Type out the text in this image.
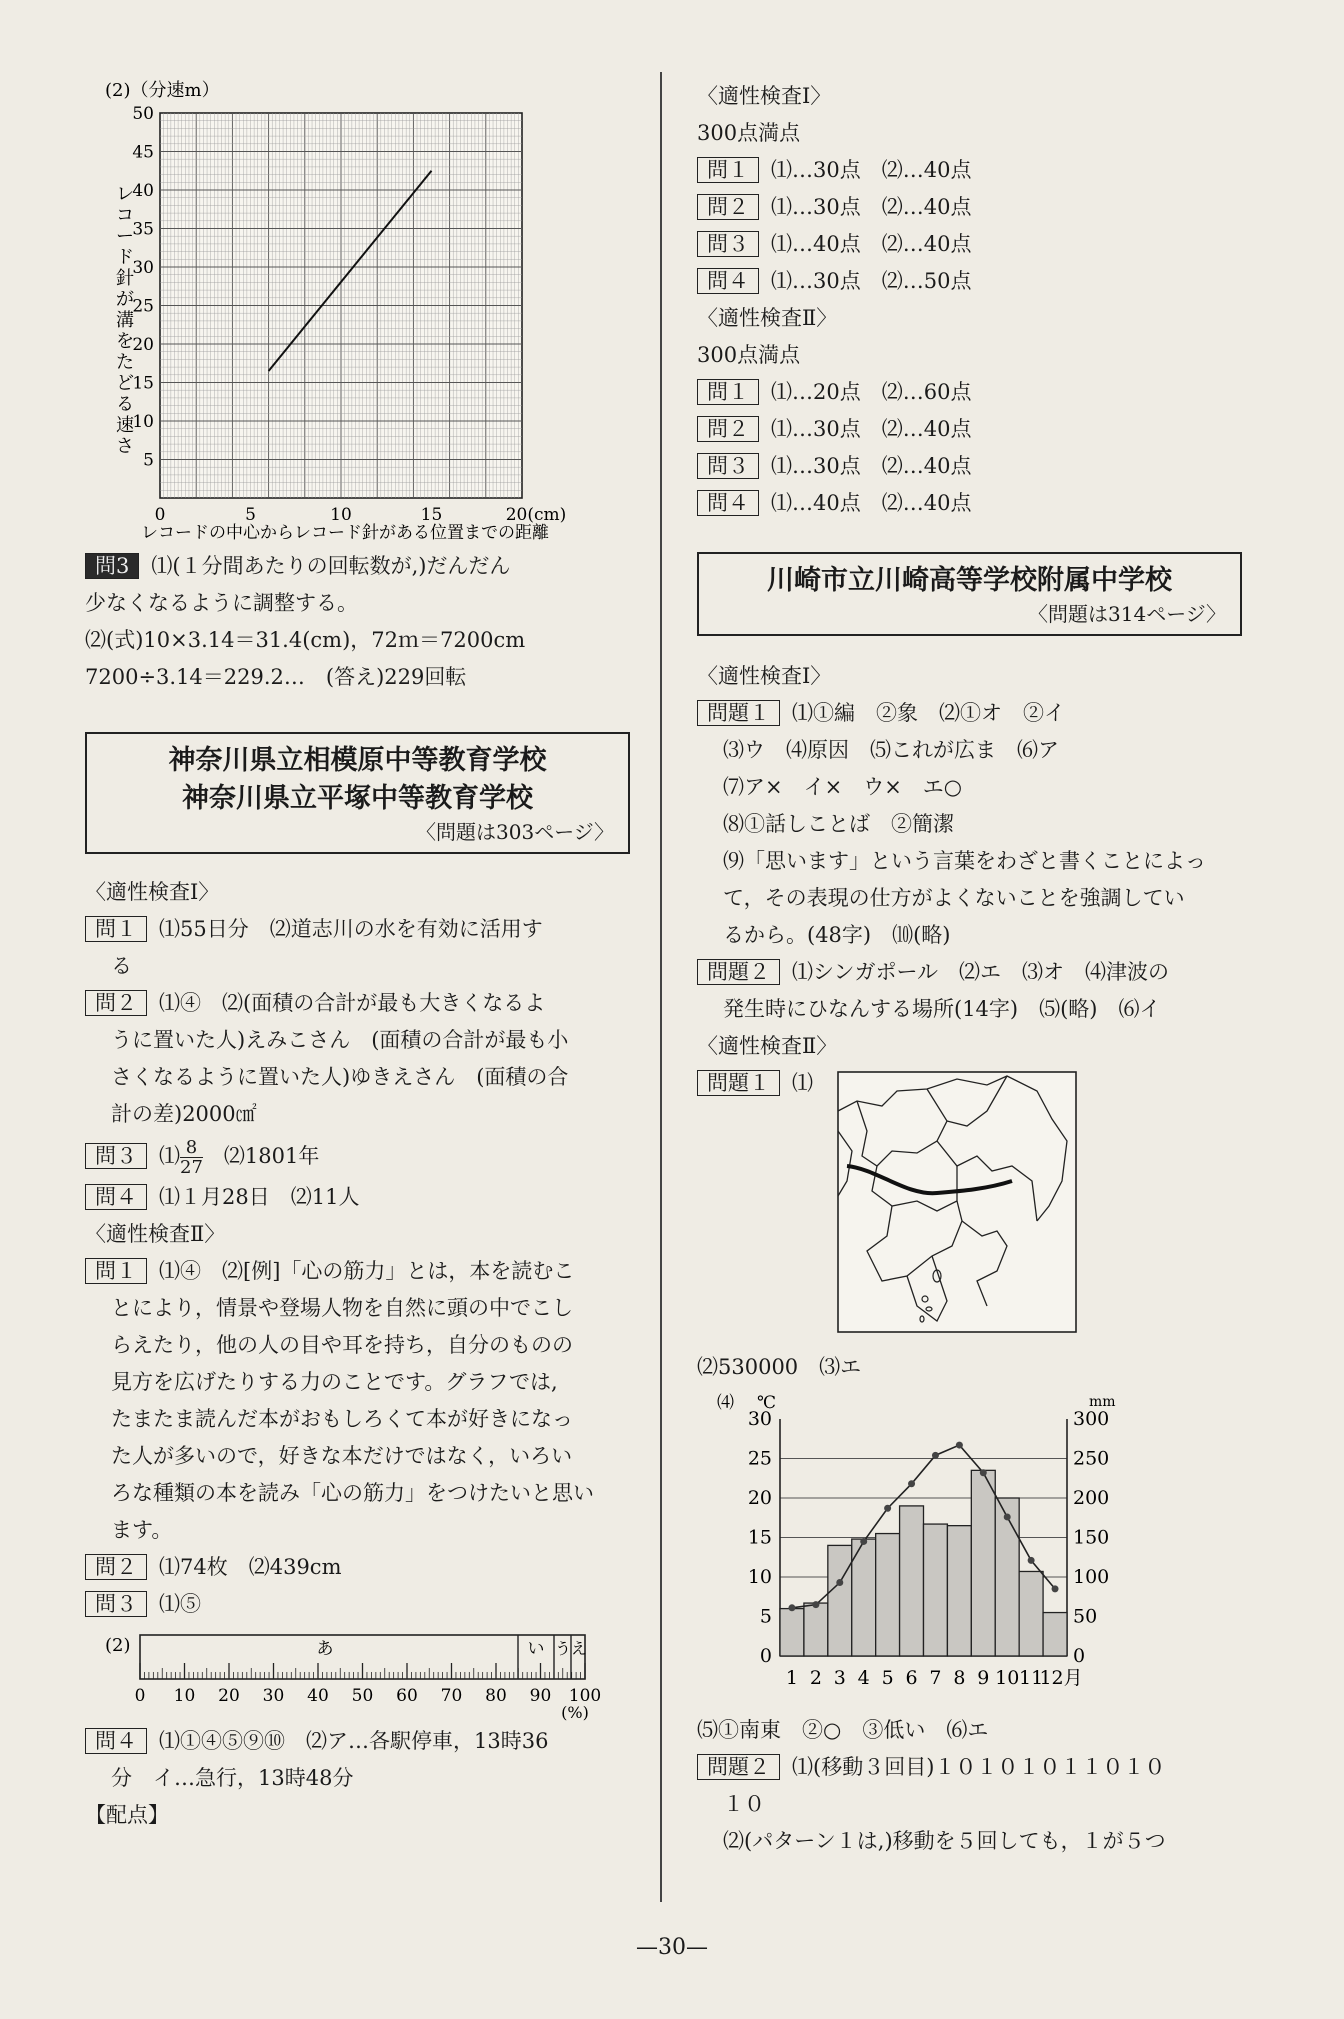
(2)（分速m）
50
45
40
35
30
25
20
15
10
5
0	5	10	15	20(cm)
レ
コ
ー
ド
針
が
溝
を
た
ど
る
速
さ
レコードの中心からレコード針がある位置までの距離
問3 ⑴(１分間あたりの回転数が,)だんだん
少なくなるように調整する。
⑵(式)10×3.14＝31.4(cm)，72ｍ＝7200cm
7200÷3.14＝229.2…　(答え)229回転
神奈川県立相模原中等教育学校
神奈川県立平塚中等教育学校
〈問題は303ページ〉
〈適性検査Ⅰ〉
問１ ⑴55日分　⑵道志川の水を有効に活用す
る
問２ ⑴④　⑵(面積の合計が最も大きくなるよ
うに置いた人)えみこさん　(面積の合計が最も小
さくなるように置いた人)ゆきえさん　(面積の合
計の差)2000㎠
問３ ⑴ $\frac{8}{27}$ 　⑵1801年
問４ ⑴１月28日　⑵11人
〈適性検査Ⅱ〉
問１ ⑴④　⑵[例]「心の筋力」とは，本を読むこ
とにより，情景や登場人物を自然に頭の中でこし
らえたり，他の人の目や耳を持ち，自分のものの
見方を広げたりする力のことです。グラフでは,
たまたま読んだ本がおもしろくて本が好きになっ
た人が多いので，好きな本だけではなく，いろい
ろな種類の本を読み「心の筋力」をつけたいと思い
ます。
問２ ⑴74枚　⑵439cm
問３ ⑴⑤
(2)	あ	い う え
0 10 20 30 40 50 60 70 80 90 100
(%)
問４ ⑴①④⑤⑨⑩　⑵ア…各駅停車，13時36
分　イ…急行，13時48分
【配点】
〈適性検査Ⅰ〉
300点満点
問１ ⑴…30点　⑵…40点
問２ ⑴…30点　⑵…40点
問３ ⑴…40点　⑵…40点
問４ ⑴…30点　⑵…50点
〈適性検査Ⅱ〉
300点満点
問１ ⑴…20点　⑵…60点
問２ ⑴…30点　⑵…40点
問３ ⑴…30点　⑵…40点
問４ ⑴…40点　⑵…40点
川崎市立川崎高等学校附属中学校
〈問題は314ページ〉
〈適性検査Ⅰ〉
問題１ ⑴①編　②象　⑵①オ　②イ
⑶ウ　⑷原因　⑸これが広ま　⑹ア
⑺ア×　イ×　ウ×　エ○
⑻①話しことば　②簡潔
⑼「思います」という言葉をわざと書くことによっ
て，その表現の仕方がよくないことを強調してい
るから。(48字)　⑽(略)
問題２ ⑴シンガポール　⑵エ　⑶オ　⑷津波の
発生時にひなんする場所(14字)　⑸(略)　⑹イ
〈適性検査Ⅱ〉
問題１ ⑴
⑵530000　⑶エ
⑷ ℃	mm
30
25
20
15
10
5
0
300
250
200
150
100
50
0
1 2 3 4 5 6 7 8 9 10 11
12月
⑸①南東　②○　③低い　⑹エ
問題２ ⑴(移動３回目)１０１０１０１１０１０
１０
⑵(パターン１は,)移動を５回しても，１が５つ
—30—
